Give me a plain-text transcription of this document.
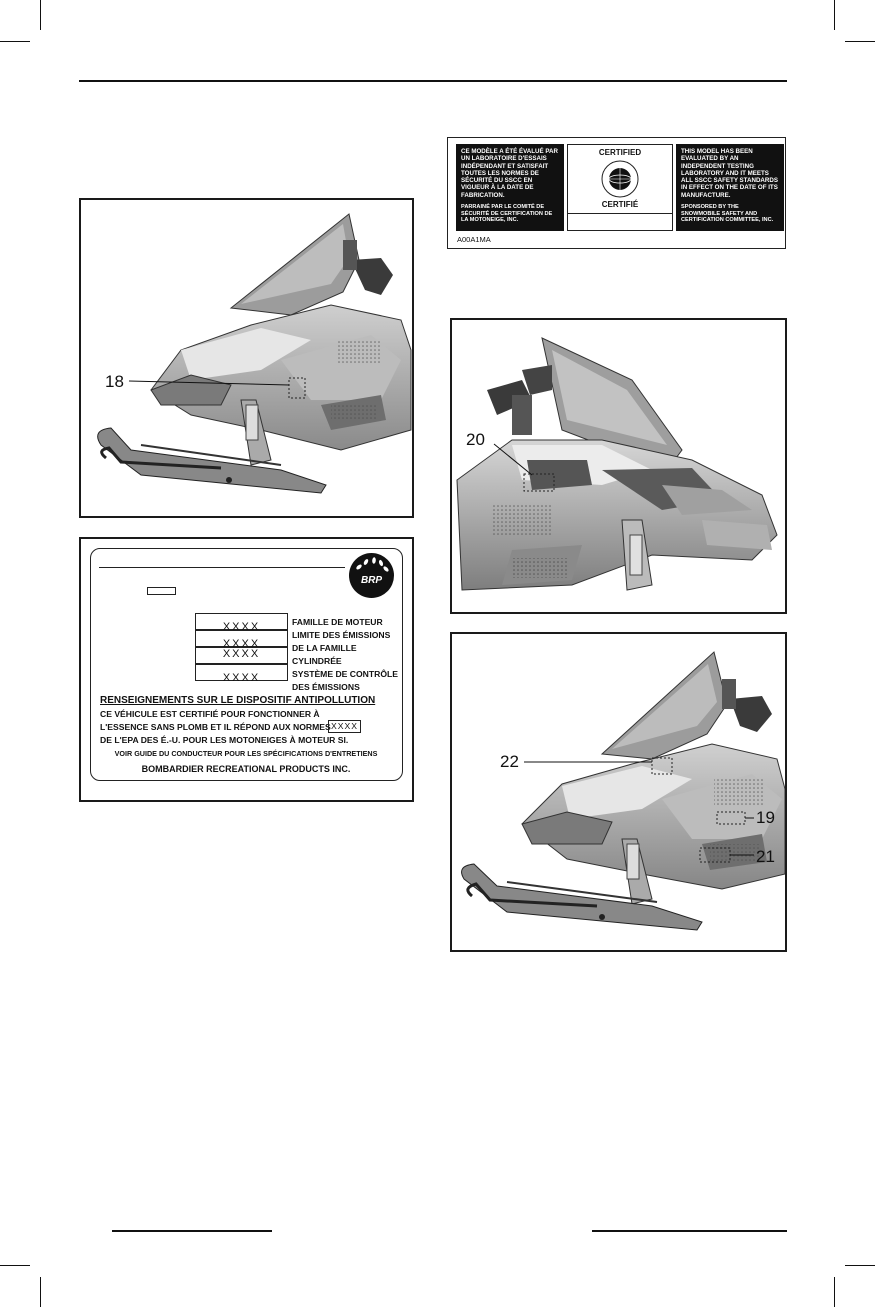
18
BRP
XXXX
XXXX
XXXX
XXXX
FAMILLE DE MOTEUR
LIMITE DES ÉMISSIONS
DE LA FAMILLE
CYLINDRÉE
SYSTÈME DE CONTRÔLE
DES ÉMISSIONS
RENSEIGNEMENTS SUR LE DISPOSITIF ANTIPOLLUTION
CE VÉHICULE EST CERTIFIÉ POUR FONCTIONNER À
L'ESSENCE SANS PLOMB ET IL RÉPOND AUX NORMES XXXX
DE L'EPA DES É.-U. POUR LES MOTONEIGES À MOTEUR SI.
VOIR GUIDE DU CONDUCTEUR POUR LES SPÉCIFICATIONS D'ENTRETIENS
BOMBARDIER RECREATIONAL PRODUCTS INC.
CE MODÈLE A ÉTÉ ÉVALUÉ PAR UN LABORATOIRE D'ESSAIS INDÉPENDANT ET SATISFAIT TOUTES LES NORMES DE SÉCURITÉ DU SSCC EN VIGUEUR À LA DATE DE FABRICATION.
PARRAINÉ PAR LE COMITÉ DE SÉCURITÉ DE CERTIFICATION DE LA MOTONEIGE, INC.
CERTIFIED
CERTIFIÉ
THIS MODEL HAS BEEN EVALUATED BY AN INDEPENDENT TESTING LABORATORY AND IT MEETS ALL SSCC SAFETY STANDARDS IN EFFECT ON THE DATE OF ITS MANUFACTURE.
SPONSORED BY THE SNOWMOBILE SAFETY AND CERTIFICATION COMMITTEE, INC.
A00A1MA
20
22
19
21
